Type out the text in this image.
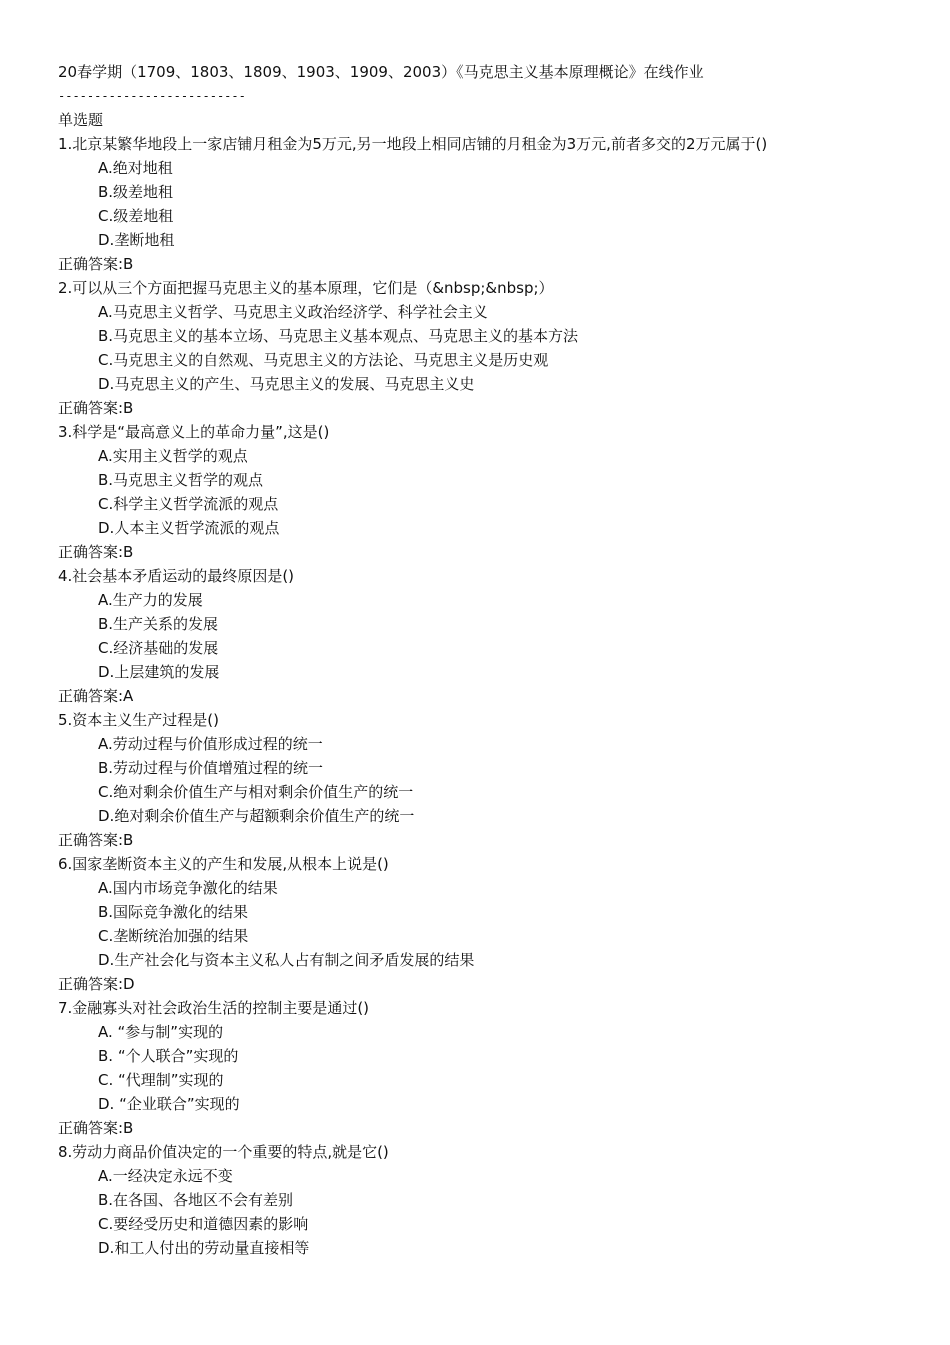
20春学期（1709、1803、1809、1903、1909、2003）《马克思主义基本原理概论》在线作业
--------------------------
单选题
1.北京某繁华地段上一家店铺月租金为5万元,另一地段上相同店铺的月租金为3万元,前者多交的2万元属于()
A.绝对地租
B.级差地租
C.级差地租
D.垄断地租
正确答案:B
2.可以从三个方面把握马克思主义的基本原理，它们是（&nbsp;&nbsp;）
A.马克思主义哲学、马克思主义政治经济学、科学社会主义
B.马克思主义的基本立场、马克思主义基本观点、马克思主义的基本方法
C.马克思主义的自然观、马克思主义的方法论、马克思主义是历史观
D.马克思主义的产生、马克思主义的发展、马克思主义史
正确答案:B
3.科学是“最高意义上的革命力量”,这是()
A.实用主义哲学的观点
B.马克思主义哲学的观点
C.科学主义哲学流派的观点
D.人本主义哲学流派的观点
正确答案:B
4.社会基本矛盾运动的最终原因是()
A.生产力的发展
B.生产关系的发展
C.经济基础的发展
D.上层建筑的发展
正确答案:A
5.资本主义生产过程是()
A.劳动过程与价值形成过程的统一
B.劳动过程与价值增殖过程的统一
C.绝对剩余价值生产与相对剩余价值生产的统一
D.绝对剩余价值生产与超额剩余价值生产的统一
正确答案:B
6.国家垄断资本主义的产生和发展,从根本上说是()
A.国内市场竞争激化的结果
B.国际竞争激化的结果
C.垄断统治加强的结果
D.生产社会化与资本主义私人占有制之间矛盾发展的结果
正确答案:D
7.金融寡头对社会政治生活的控制主要是通过()
A. “参与制”实现的
B. “个人联合”实现的
C. “代理制”实现的
D. “企业联合”实现的
正确答案:B
8.劳动力商品价值决定的一个重要的特点,就是它()
A.一经决定永远不变
B.在各国、各地区不会有差别
C.要经受历史和道德因素的影响
D.和工人付出的劳动量直接相等
